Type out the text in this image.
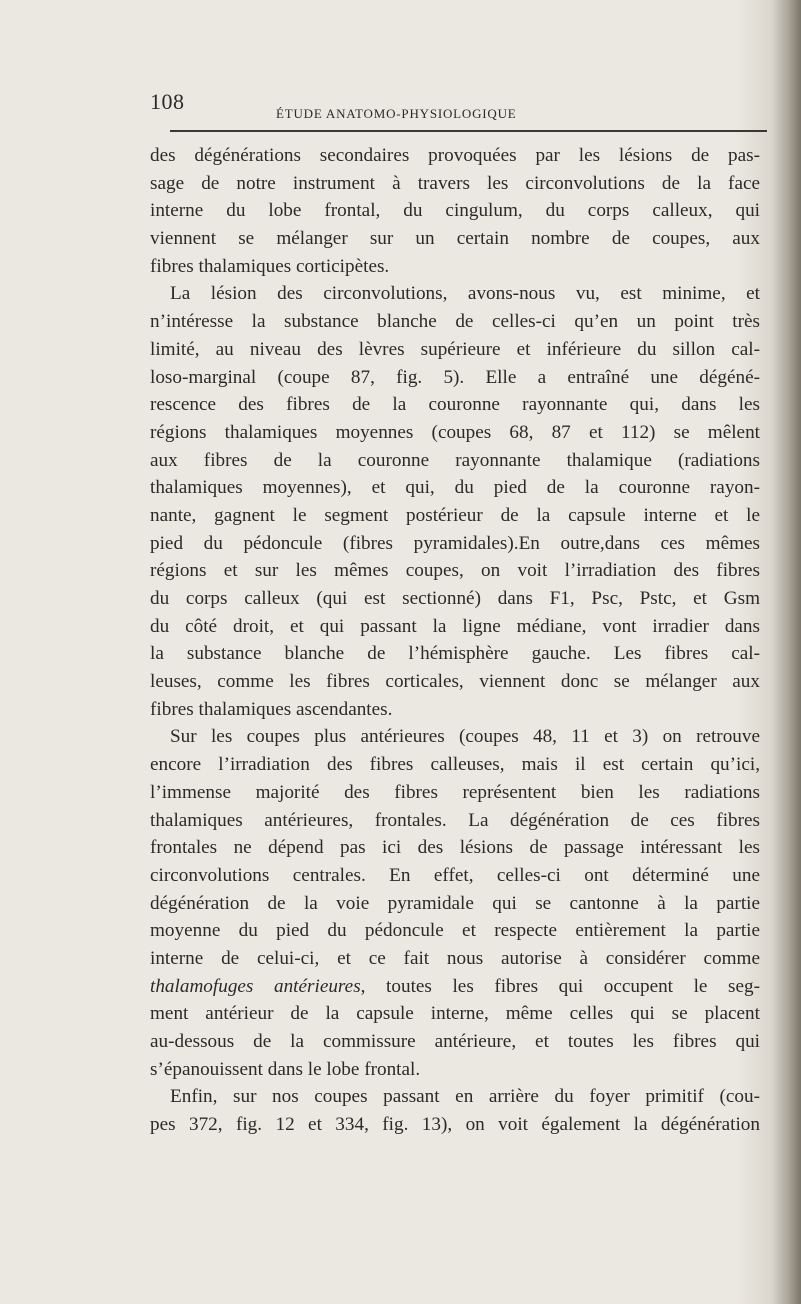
108	ÉTUDE ANATOMO-PHYSIOLOGIQUE
des dégénérations secondaires provoquées par les lésions de pas-
sage de notre instrument à travers les circonvolutions de la face
interne du lobe frontal, du cingulum, du corps calleux, qui
viennent se mélanger sur un certain nombre de coupes, aux
fibres thalamiques corticipètes.
La lésion des circonvolutions, avons-nous vu, est minime, et
n’intéresse la substance blanche de celles-ci qu’en un point très
limité, au niveau des lèvres supérieure et inférieure du sillon cal-
loso-marginal (coupe 87, fig. 5). Elle a entraîné une dégéné-
rescence des fibres de la couronne rayonnante qui, dans les
régions thalamiques moyennes (coupes 68, 87 et 112) se mêlent
aux fibres de la couronne rayonnante thalamique (radiations
thalamiques moyennes), et qui, du pied de la couronne rayon-
nante, gagnent le segment postérieur de la capsule interne et le
pied du pédoncule (fibres pyramidales).En outre,dans ces mêmes
régions et sur les mêmes coupes, on voit l’irradiation des fibres
du corps calleux (qui est sectionné) dans F1, Psc, Pstc, et Gsm
du côté droit, et qui passant la ligne médiane, vont irradier dans
la substance blanche de l’hémisphère gauche. Les fibres cal-
leuses, comme les fibres corticales, viennent donc se mélanger aux
fibres thalamiques ascendantes.
Sur les coupes plus antérieures (coupes 48, 11 et 3) on retrouve
encore l’irradiation des fibres calleuses, mais il est certain qu’ici,
l’immense majorité des fibres représentent bien les radiations
thalamiques antérieures, frontales. La dégénération de ces fibres
frontales ne dépend pas ici des lésions de passage intéressant les
circonvolutions centrales. En effet, celles-ci ont déterminé une
dégénération de la voie pyramidale qui se cantonne à la partie
moyenne du pied du pédoncule et respecte entièrement la partie
interne de celui-ci, et ce fait nous autorise à considérer comme
thalamofuges antérieures, toutes les fibres qui occupent le seg-
ment antérieur de la capsule interne, même celles qui se placent
au-dessous de la commissure antérieure, et toutes les fibres qui
s’épanouissent dans le lobe frontal.
Enfin, sur nos coupes passant en arrière du foyer primitif (cou-
pes 372, fig. 12 et 334, fig. 13), on voit également la dégénération
